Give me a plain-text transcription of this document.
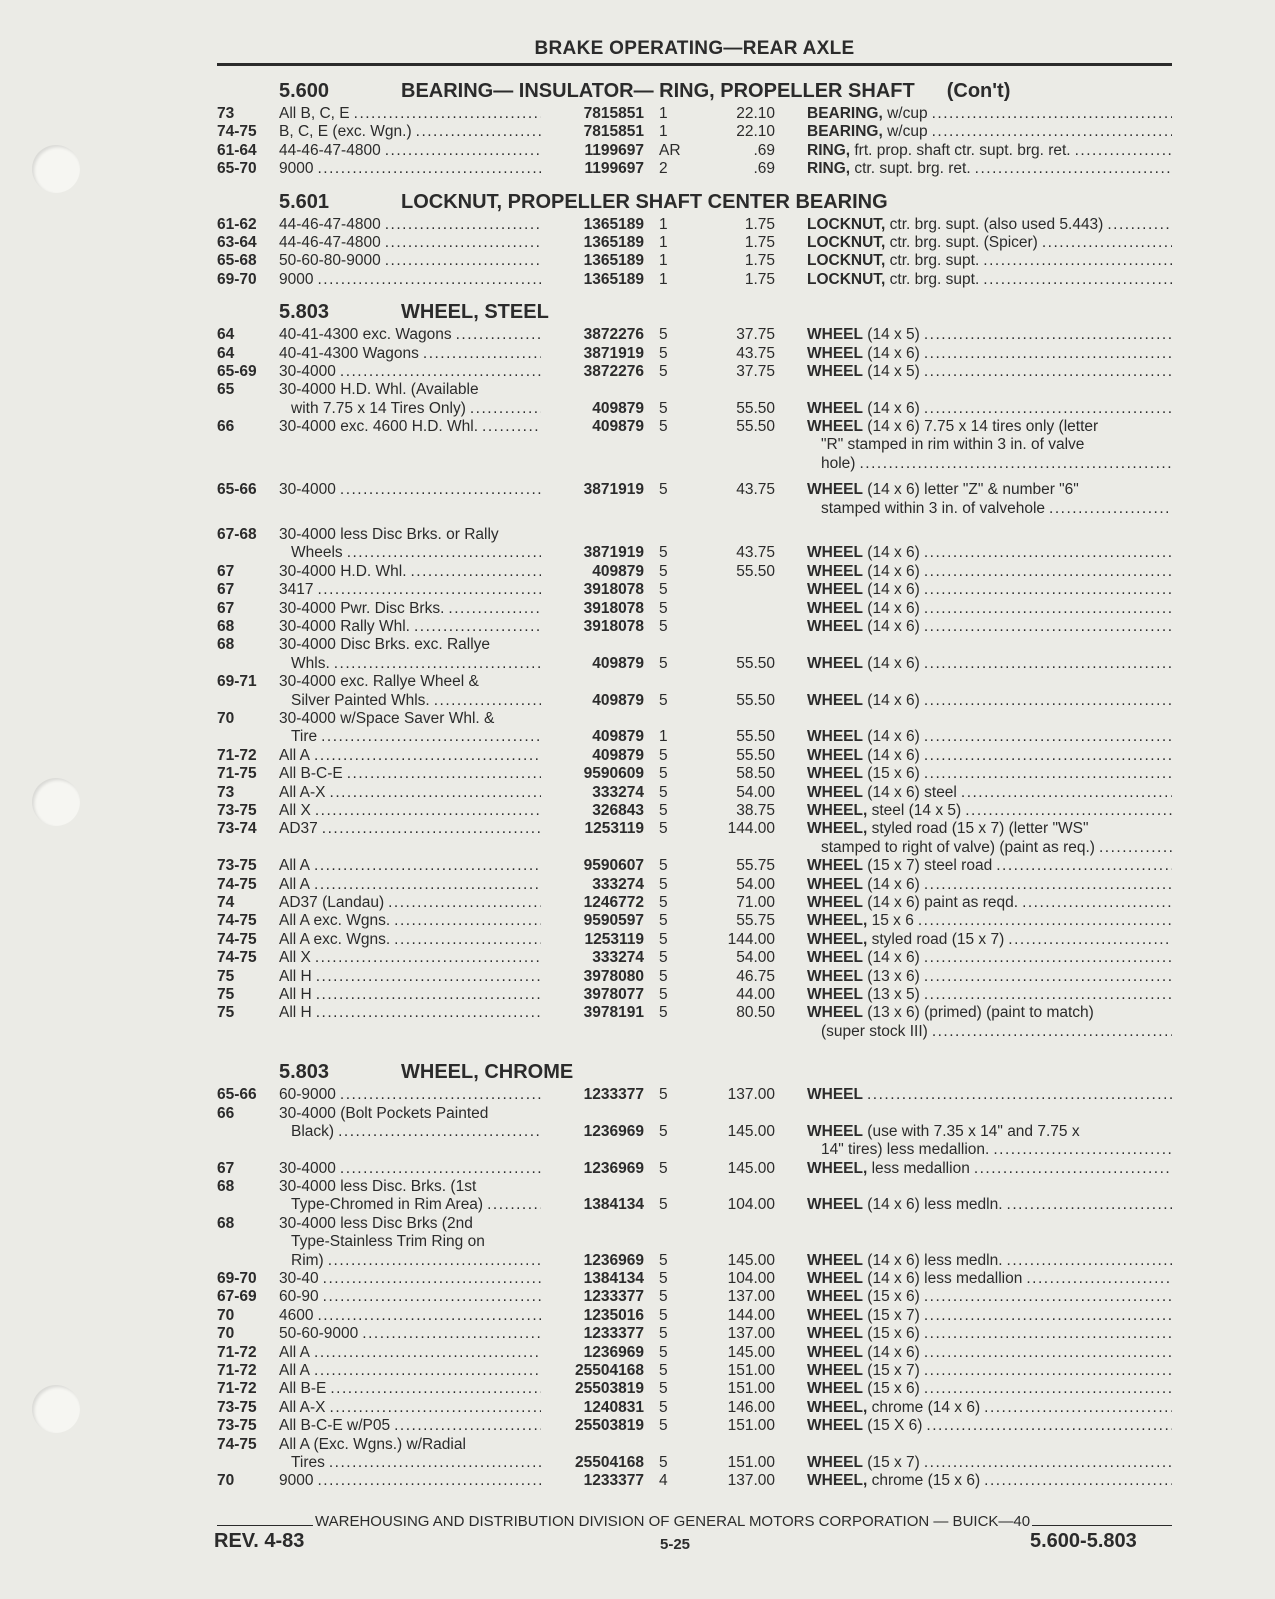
BRAKE OPERATING—REAR AXLE
5.600	BEARING— INSULATOR— RING, PROPELLER SHAFT (Con't)
73	All B, C, E .....	7815851 1	22.10 BEARING, w/cup
.....
74-75 B, C, E (exc. Wgn.) .....	7815851 1	22.10 BEARING, w/cup
.....
61-64 44-46-47-4800 .....	1199697 AR	.69 RING, frt. prop. shaft ctr. supt. brg. ret.
.....
65-70 9000 .....	1199697 2	.69 RING, ctr. supt. brg. ret.
.....
5.601	LOCKNUT, PROPELLER SHAFT CENTER BEARING
61-62 44-46-47-4800 .....	1365189 1	1.75 LOCKNUT, ctr. brg. supt. (also used 5.443)
.....
63-64 44-46-47-4800 .....	1365189 1	1.75 LOCKNUT, ctr. brg. supt. (Spicer)
.....
65-68 50-60-80-9000 .....	1365189 1	1.75 LOCKNUT, ctr. brg. supt.
.....
69-70 9000 .....	1365189 1	1.75 LOCKNUT, ctr. brg. supt.
.....
5.803	WHEEL, STEEL
64	40-41-4300 exc. Wagons .....	3872276 5	37.75 WHEEL (14 x 5)
.....
64	40-41-4300 Wagons .....	3871919 5	43.75 WHEEL (14 x 6)
.....
65-69 30-4000 .....	3872276 5	37.75 WHEEL (14 x 5)
.....
65	30-4000 H.D. Whl. (Available
with 7.75 x 14 Tires Only) .....	409879 5	55.50 WHEEL (14 x 6)
.....
66	30-4000 exc. 4600 H.D. Whl. .....	409879 5	55.50 WHEEL (14 x 6) 7.75 x 14 tires only (letter
"R" stamped in rim within 3 in. of valve
hole)
.....
65-66 30-4000 .....	3871919 5	43.75 WHEEL (14 x 6) letter "Z" & number "6"
stamped within 3 in. of valvehole
.....
67-68 30-4000 less Disc Brks. or Rally
Wheels .....	3871919 5	43.75 WHEEL (14 x 6)
.....
67	30-4000 H.D. Whl. .....	409879 5	55.50 WHEEL (14 x 6)
.....
67	3417 .....	3918078 5	WHEEL (14 x 6)
.....
67	30-4000 Pwr. Disc Brks. .....	3918078 5	WHEEL (14 x 6)
.....
68	30-4000 Rally Whl. .....	3918078 5	WHEEL (14 x 6)
.....
68	30-4000 Disc Brks. exc. Rallye
Whls. .....	409879 5	55.50 WHEEL (14 x 6)
.....
69-71 30-4000 exc. Rallye Wheel &
Silver Painted Whls. .....	409879 5	55.50 WHEEL (14 x 6)
.....
70	30-4000 w/Space Saver Whl. &
Tire .....	409879 1	55.50 WHEEL (14 x 6)
.....
71-72 All A .....	409879 5	55.50 WHEEL (14 x 6)
.....
71-75 All B-C-E .....	9590609 5	58.50 WHEEL (15 x 6)
.....
73	All A-X .....	333274 5	54.00 WHEEL (14 x 6) steel
.....
73-75 All X .....	326843 5	38.75 WHEEL, steel (14 x 5)
.....
73-74 AD37 .....	1253119 5	144.00 WHEEL, styled road (15 x 7) (letter "WS"
stamped to right of valve) (paint as req.)
.....
73-75 All A .....	9590607 5	55.75 WHEEL (15 x 7) steel road
.....
74-75 All A .....	333274 5	54.00 WHEEL (14 x 6)
.....
74	AD37 (Landau) .....	1246772 5	71.00 WHEEL (14 x 6) paint as reqd.
.....
74-75 All A exc. Wgns. .....	9590597 5	55.75 WHEEL, 15 x 6
.....
74-75 All A exc. Wgns. .....	1253119 5	144.00 WHEEL, styled road (15 x 7)
.....
74-75 All X .....	333274 5	54.00 WHEEL (14 x 6)
.....
75	All H .....	3978080 5	46.75 WHEEL (13 x 6)
.....
75	All H .....	3978077 5	44.00 WHEEL (13 x 5)
.....
75	All H .....	3978191 5	80.50 WHEEL (13 x 6) (primed) (paint to match)
(super stock III)
.....
5.803	WHEEL, CHROME
65-66 60-9000 .....	1233377 5	137.00 WHEEL
.....
66	30-4000 (Bolt Pockets Painted
Black) .....	1236969 5	145.00 WHEEL (use with 7.35 x 14" and 7.75 x
14" tires) less medallion.
.....
67	30-4000 .....	1236969 5	145.00 WHEEL, less medallion
.....
68	30-4000 less Disc. Brks. (1st
Type-Chromed in Rim Area) .....	1384134 5	104.00 WHEEL (14 x 6) less medln.
.....
68	30-4000 less Disc Brks (2nd
Type-Stainless Trim Ring on
Rim) .....	1236969 5	145.00 WHEEL (14 x 6) less medln.
.....
69-70 30-40 .....	1384134 5	104.00 WHEEL (14 x 6) less medallion
.....
67-69 60-90 .....	1233377 5	137.00 WHEEL (15 x 6)
.....
70	4600 .....	1235016 5	144.00 WHEEL (15 x 7)
.....
70	50-60-9000 .....	1233377 5	137.00 WHEEL (15 x 6)
.....
71-72 All A .....	1236969 5	145.00 WHEEL (14 x 6)
.....
71-72 All A .....	25504168 5	151.00 WHEEL (15 x 7)
.....
71-72 All B-E .....	25503819 5	151.00 WHEEL (15 x 6)
.....
73-75 All A-X .....	1240831 5	146.00 WHEEL, chrome (14 x 6)
.....
73-75 All B-C-E w/P05 .....	25503819 5	151.00 WHEEL (15 X 6)
.....
74-75 All A (Exc. Wgns.) w/Radial
Tires .....	25504168 5	151.00 WHEEL (15 x 7)
.....
70	9000 .....	1233377 4	137.00 WHEEL, chrome (15 x 6)
.....
WAREHOUSING AND DISTRIBUTION DIVISION OF GENERAL MOTORS CORPORATION — BUICK—40
REV. 4-83	5-25	5.600-5.803
